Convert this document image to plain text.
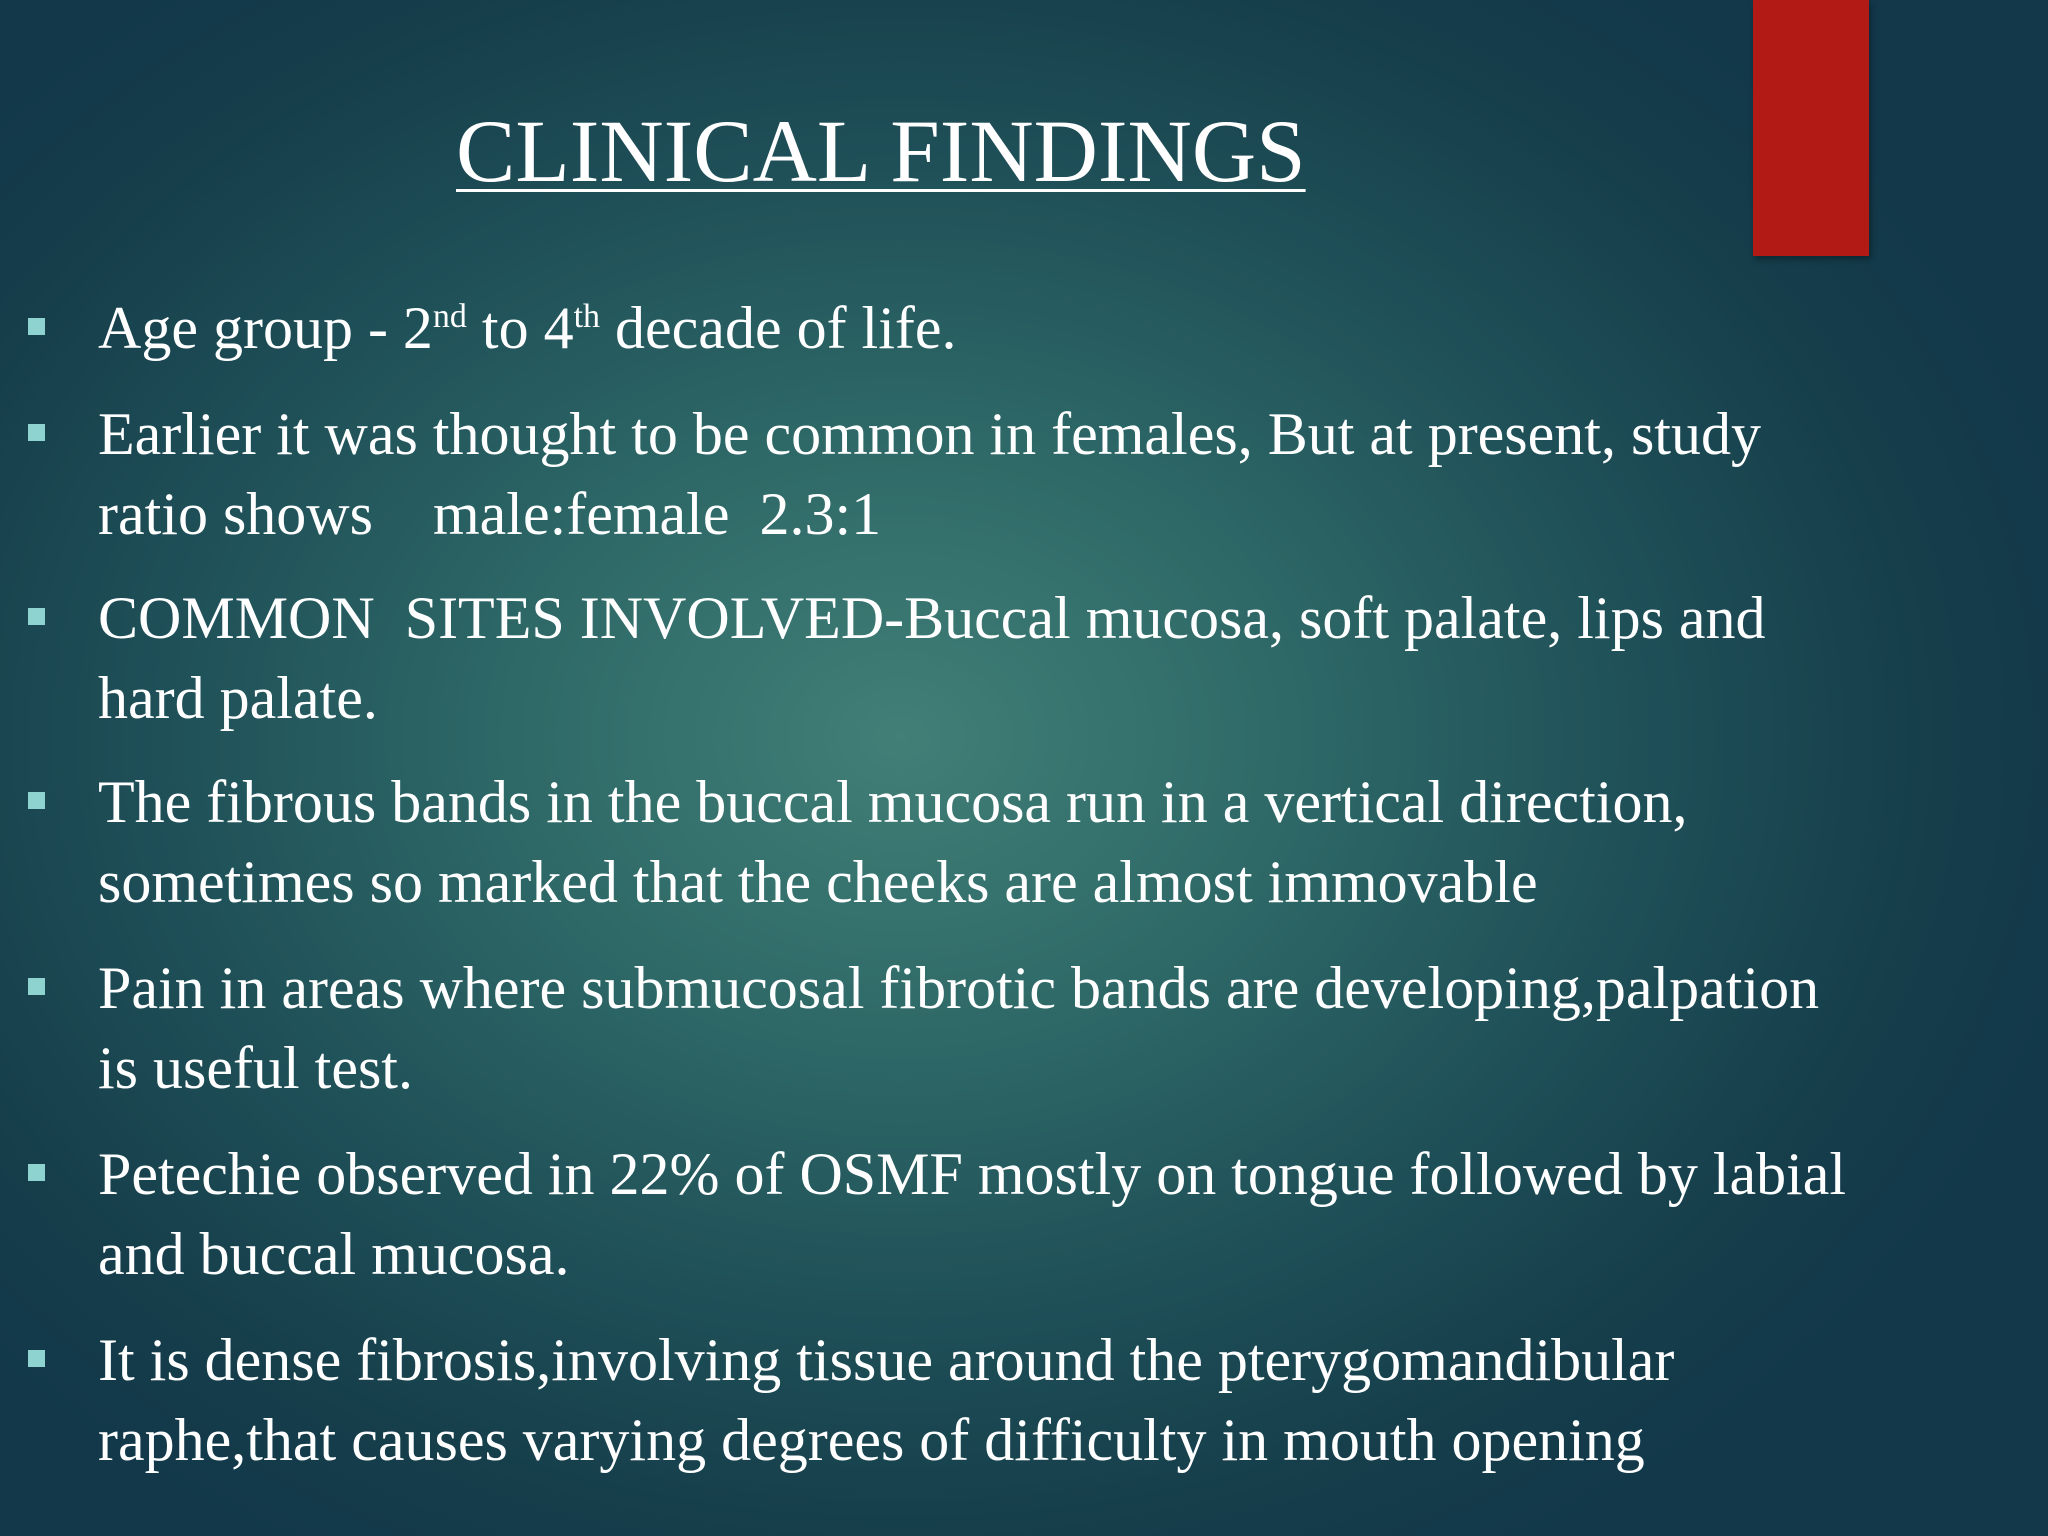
CLINICAL FINDINGS
Age group - 2nd to 4th decade of life.
Earlier it was thought to be common in females, But at present, study
ratio shows    male:female  2.3:1
COMMON  SITES INVOLVED-Buccal mucosa, soft palate, lips and
hard palate.
The fibrous bands in the buccal mucosa run in a vertical direction,
sometimes so marked that the cheeks are almost immovable
Pain in areas where submucosal fibrotic bands are developing,palpation
is useful test.
Petechie observed in 22% of OSMF mostly on tongue followed by labial
and buccal mucosa.
It is dense fibrosis,involving tissue around the pterygomandibular
raphe,that causes varying degrees of difficulty in mouth opening
